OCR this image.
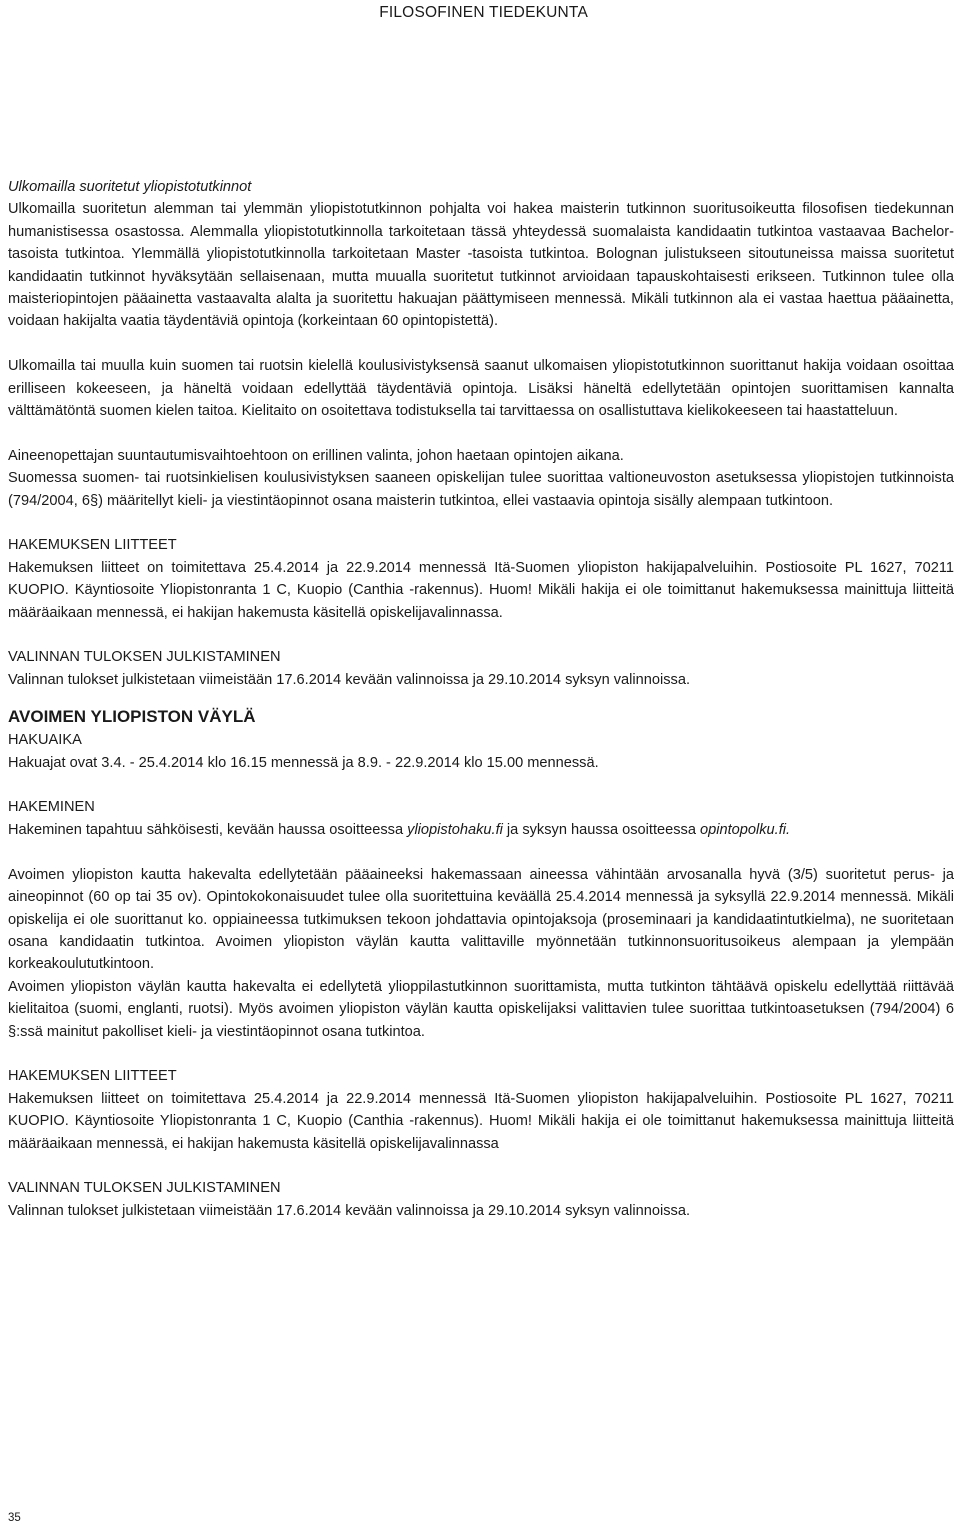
FILOSOFINEN TIEDEKUNTA
Ulkomailla suoritetut yliopistotutkinnot

Ulkomailla suoritetun alemman tai ylemmän yliopistotutkinnon pohjalta voi hakea maisterin tutkinnon suoritusoikeutta filosofisen tiedekunnan humanistisessa osastossa. Alemmalla yliopistotutkinnolla tarkoitetaan tässä yhteydessä suomalaista kandidaatin tutkintoa vastaavaa Bachelor-tasoista tutkintoa. Ylemmällä yliopistotutkinnolla tarkoitetaan Master -tasoista tutkintoa. Bolognan julistukseen sitoutuneissa maissa suoritetut kandidaatin tutkinnot hyväksytään sellaisenaan, mutta muualla suoritetut tutkinnot arvioidaan tapauskohtaisesti erikseen. Tutkinnon tulee olla maisteriopintojen pääainetta vastaavalta alalta ja suoritettu hakuajan päättymiseen mennessä. Mikäli tutkinnon ala ei vastaa haettua pääainetta, voidaan hakijalta vaatia täydentäviä opintoja (korkeintaan 60 opintopistettä).

Ulkomailla tai muulla kuin suomen tai ruotsin kielellä koulusivistyksensä saanut ulkomaisen yliopistotutkinnon suorittanut hakija voidaan osoittaa erilliseen kokeeseen, ja häneltä voidaan edellyttää täydentäviä opintoja. Lisäksi häneltä edellytetään opintojen suorittamisen kannalta välttämätöntä suomen kielen taitoa. Kielitaito on osoitettava todistuksella tai tarvittaessa on osallistuttava kielikokeeseen tai haastatteluun.

Aineenopettajan suuntautumisvaihtoehtoon on erillinen valinta, johon haetaan opintojen aikana.

Suomessa suomen- tai ruotsinkielisen koulusivistyksen saaneen opiskelijan tulee suorittaa valtioneuvoston asetuksessa yliopistojen tutkinnoista (794/2004, 6§) määritellyt kieli- ja viestintäopinnot osana maisterin tutkintoa, ellei vastaavia opintoja sisälly alempaan tutkintoon.

HAKEMUKSEN LIITTEET

Hakemuksen liitteet on toimitettava 25.4.2014 ja 22.9.2014 mennessä Itä-Suomen yliopiston hakijapalveluihin. Postiosoite PL 1627, 70211 KUOPIO. Käyntiosoite Yliopistonranta 1 C, Kuopio (Canthia -rakennus). Huom! Mikäli hakija ei ole toimittanut hakemuksessa mainittuja liitteitä määräaikaan mennessä, ei hakijan hakemusta käsitellä opiskelijavalinnassa.

VALINNAN TULOKSEN JULKISTAMINEN

Valinnan tulokset julkistetaan viimeistään 17.6.2014 kevään valinnoissa ja 29.10.2014 syksyn valinnoissa.

AVOIMEN YLIOPISTON VÄYLÄ
HAKUAIKA

Hakuajat ovat 3.4. - 25.4.2014 klo 16.15 mennessä ja 8.9. - 22.9.2014 klo 15.00 mennessä.

HAKEMINEN

Hakeminen tapahtuu sähköisesti, kevään haussa osoitteessa yliopistohaku.fi ja syksyn haussa osoitteessa opintopolku.fi.

Avoimen yliopiston kautta hakevalta edellytetään pääaineeksi hakemassaan aineessa vähintään arvosanalla hyvä (3/5) suoritetut perus- ja aineopinnot (60 op tai 35 ov). Opintokokonaisuudet tulee olla suoritettuina keväällä 25.4.2014 mennessä ja syksyllä 22.9.2014 mennessä. Mikäli opiskelija ei ole suorittanut ko. oppiaineessa tutkimuksen tekoon johdattavia opintojaksoja (proseminaari ja kandidaatintutkielma), ne suoritetaan osana kandidaatin tutkintoa. Avoimen yliopiston väylän kautta valittaville myönnetään tutkinnonsuoritusoikeus alempaan ja ylempään korkeakoulututkintoon.

Avoimen yliopiston väylän kautta hakevalta ei edellytetä ylioppilastutkinnon suorittamista, mutta tutkinton tähtäävä opiskelu edellyttää riittävää kielitaitoa (suomi, englanti, ruotsi). Myös avoimen yliopiston väylän kautta opiskelijaksi valittavien tulee suorittaa tutkintoasetuksen (794/2004) 6 §:ssä mainitut pakolliset kieli- ja viestintäopinnot osana tutkintoa.

HAKEMUKSEN LIITTEET

Hakemuksen liitteet on toimitettava 25.4.2014 ja 22.9.2014 mennessä Itä-Suomen yliopiston hakijapalveluihin. Postiosoite PL 1627, 70211 KUOPIO. Käyntiosoite Yliopistonranta 1 C, Kuopio (Canthia -rakennus). Huom! Mikäli hakija ei ole toimittanut hakemuksessa mainittuja liitteitä määräaikaan mennessä, ei hakijan hakemusta käsitellä opiskelijavalinnassa

VALINNAN TULOKSEN JULKISTAMINEN

Valinnan tulokset julkistetaan viimeistään 17.6.2014 kevään valinnoissa ja 29.10.2014 syksyn valinnoissa.

35
